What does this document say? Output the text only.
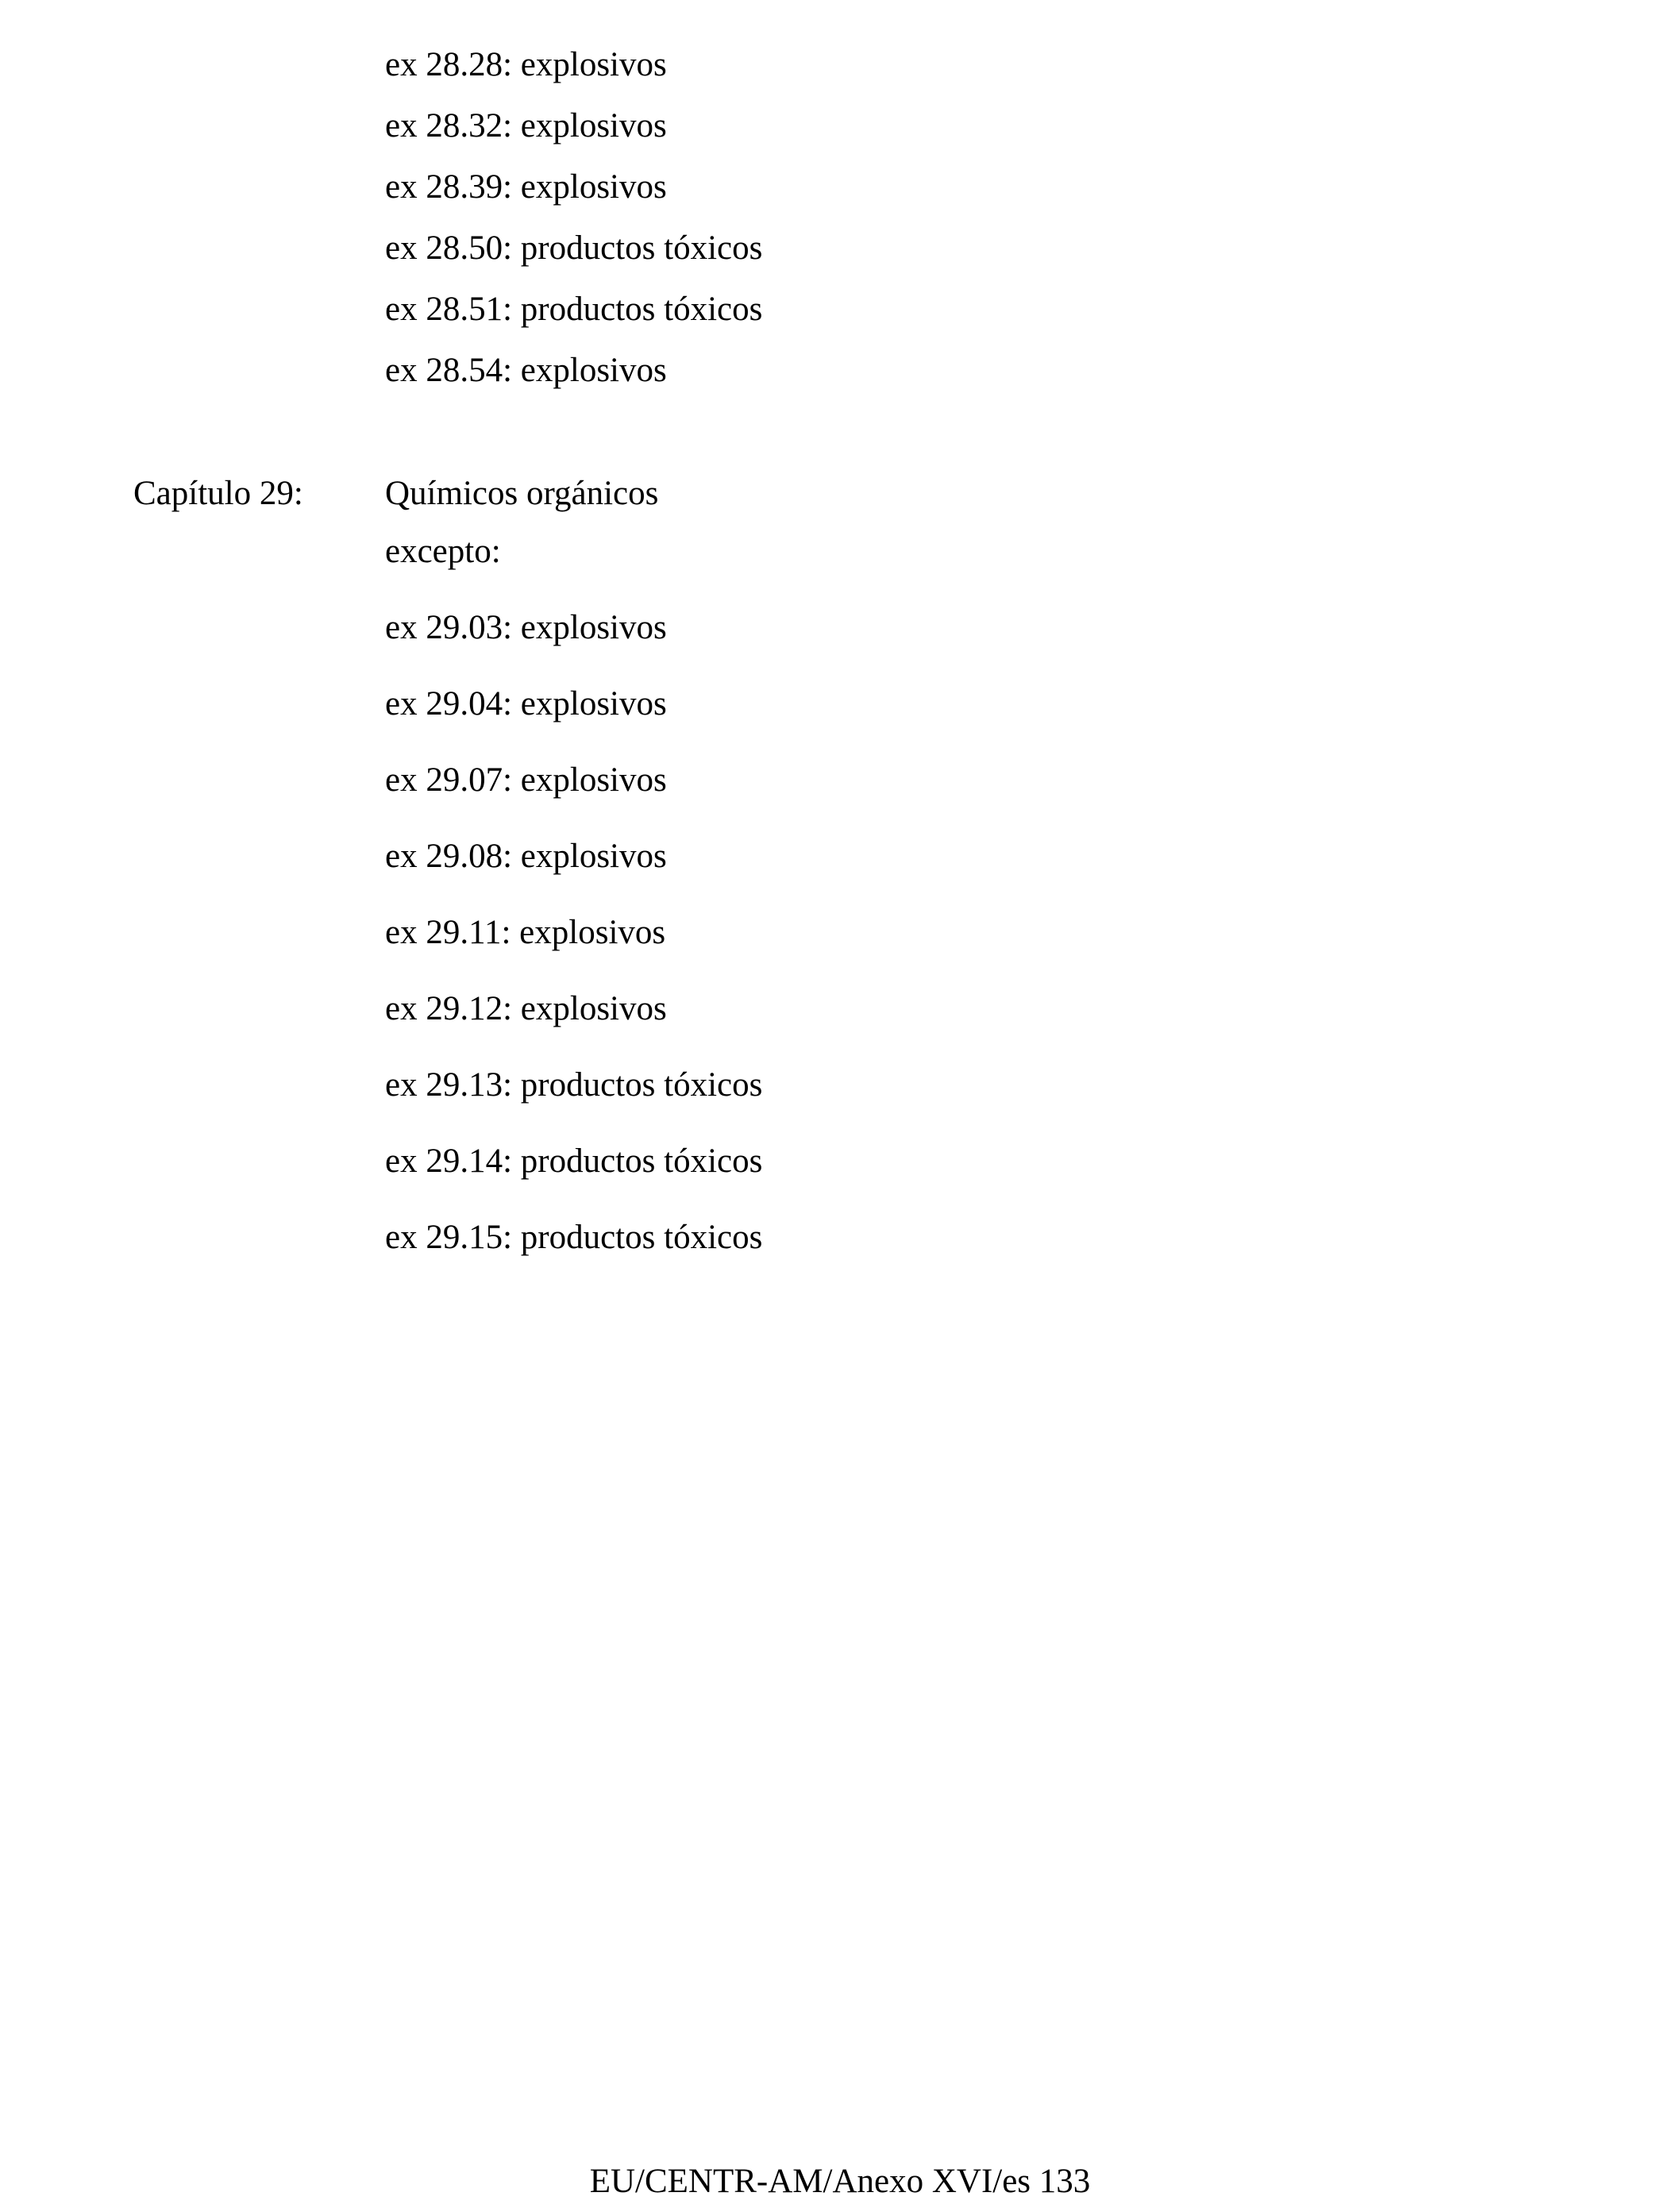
ex 28.28: explosivos
ex 28.32: explosivos
ex 28.39: explosivos
ex 28.50: productos tóxicos
ex 28.51: productos tóxicos
ex 28.54: explosivos
Capítulo 29: Químicos orgánicos
excepto:
ex 29.03: explosivos
ex 29.04: explosivos
ex 29.07: explosivos
ex 29.08: explosivos
ex 29.11: explosivos
ex 29.12: explosivos
ex 29.13: productos tóxicos
ex 29.14: productos tóxicos
ex 29.15: productos tóxicos
EU/CENTR-AM/Anexo XVI/es 133
